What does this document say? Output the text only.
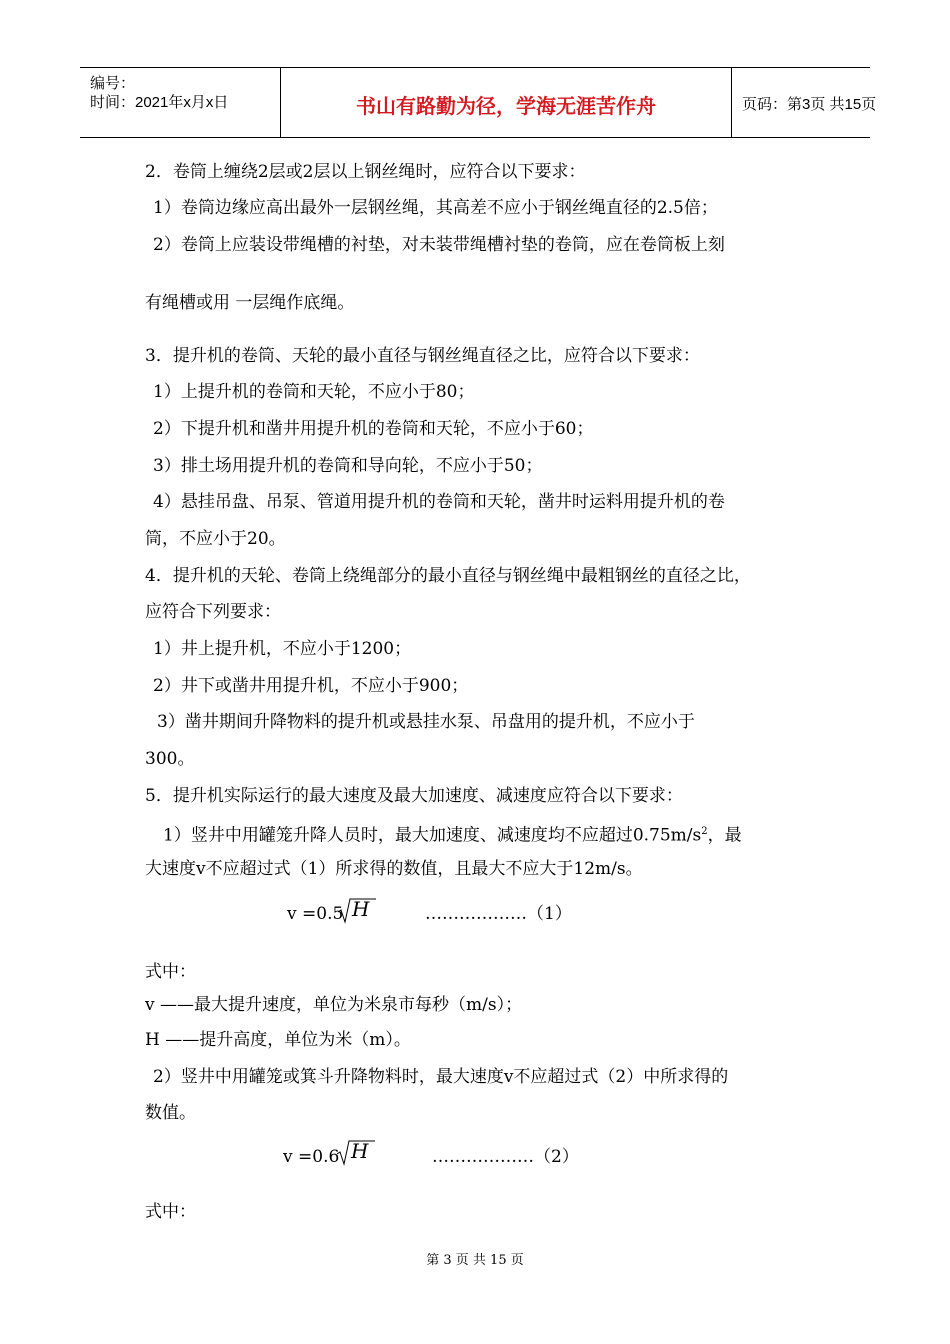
编号：
时间：2021年x月x日	书山有路勤为径，学海无涯苦作舟	页码：第3页 共15页
2．卷筒上缠绕2层或2层以上钢丝绳时，应符合以下要求：
1）卷筒边缘应高出最外一层钢丝绳，其高差不应小于钢丝绳直径的2.5倍；
2）卷筒上应装设带绳槽的衬垫，对未装带绳槽衬垫的卷筒，应在卷筒板上刻
有绳槽或用 一层绳作底绳。
3．提升机的卷筒、天轮的最小直径与钢丝绳直径之比，应符合以下要求：
1）上提升机的卷筒和天轮，不应小于80；
2）下提升机和凿井用提升机的卷筒和天轮，不应小于60；
3）排土场用提升机的卷筒和导向轮，不应小于50；
4）悬挂吊盘、吊泵、管道用提升机的卷筒和天轮，凿井时运料用提升机的卷
筒，不应小于20。
4．提升机的天轮、卷筒上绕绳部分的最小直径与钢丝绳中最粗钢丝的直径之比，
应符合下列要求：
1）井上提升机，不应小于1200；
2）井下或凿井用提升机，不应小于900；
3）凿井期间升降物料的提升机或悬挂水泵、吊盘用的提升机，不应小于
300。
5．提升机实际运行的最大速度及最大加速度、减速度应符合以下要求：
1）竖井中用罐笼升降人员时，最大加速度、减速度均不应超过$0.75m/s^2$，最
大速度v不应超过式（1）所求得的数值，且最大不应大于12m/s。
v =0.5 H	………………（1）
式中：
v ——最大提升速度，单位为米泉市每秒（m/s）；
H ——提升高度，单位为米（m）。
2）竖井中用罐笼或箕斗升降物料时，最大速度v不应超过式（2）中所求得的
数值。
v =0.6 H	………………（2）
式中：
第 3 页 共 15 页
